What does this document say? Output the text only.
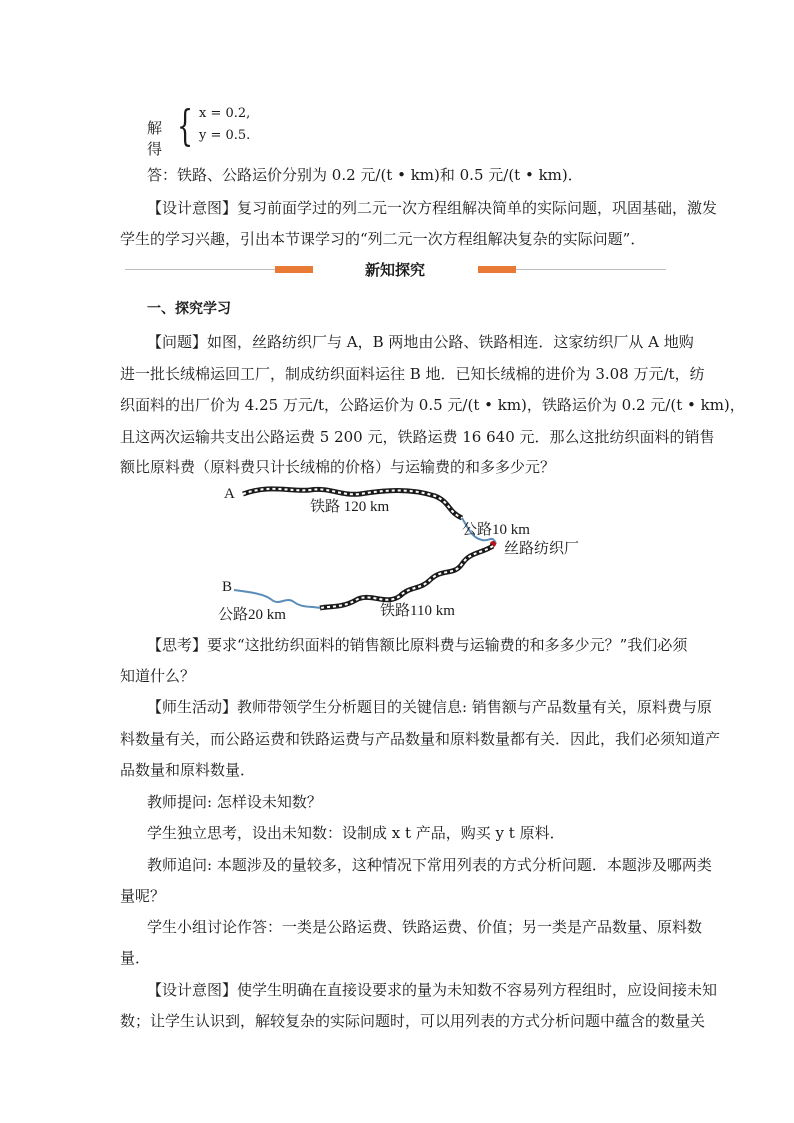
解得 { x = 0.2,
y = 0.5.
答：铁路、公路运价分别为 0.2 元/(t • km)和 0.5 元/(t • km)．
【设计意图】复习前面学过的列二元一次方程组解决简单的实际问题，巩固基础，激发
学生的学习兴趣，引出本节课学习的“列二元一次方程组解决复杂的实际问题”．
新知探究
一、探究学习
【问题】如图，丝路纺织厂与 A，B 两地由公路、铁路相连．这家纺织厂从 A 地购
进一批长绒棉运回工厂，制成纺织面料运往 B 地．已知长绒棉的进价为 3.08 万元/t，纺
织面料的出厂价为 4.25 万元/t，公路运价为 0.5 元/(t • km)，铁路运价为 0.2 元/(t • km)，
且这两次运输共支出公路运费 5 200 元，铁路运费 16 640 元．那么这批纺织面料的销售
额比原料费（原料费只计长绒棉的价格）与运输费的和多多少元？
A
铁路 120 km
公路10 km
丝路纺织厂
B
公路20 km	铁路110 km
【思考】要求“这批纺织面料的销售额比原料费与运输费的和多多少元？”我们必须
知道什么？
【师生活动】教师带领学生分析题目的关键信息: 销售额与产品数量有关，原料费与原
料数量有关，而公路运费和铁路运费与产品数量和原料数量都有关．因此，我们必须知道产
品数量和原料数量．
教师提问: 怎样设未知数？
学生独立思考，设出未知数：设制成 x t 产品，购买 y t 原料．
教师追问: 本题涉及的量较多，这种情况下常用列表的方式分析问题．本题涉及哪两类
量呢？
学生小组讨论作答：一类是公路运费、铁路运费、价值；另一类是产品数量、原料数
量．
【设计意图】使学生明确在直接设要求的量为未知数不容易列方程组时，应设间接未知
数；让学生认识到，解较复杂的实际问题时，可以用列表的方式分析问题中蕴含的数量关
